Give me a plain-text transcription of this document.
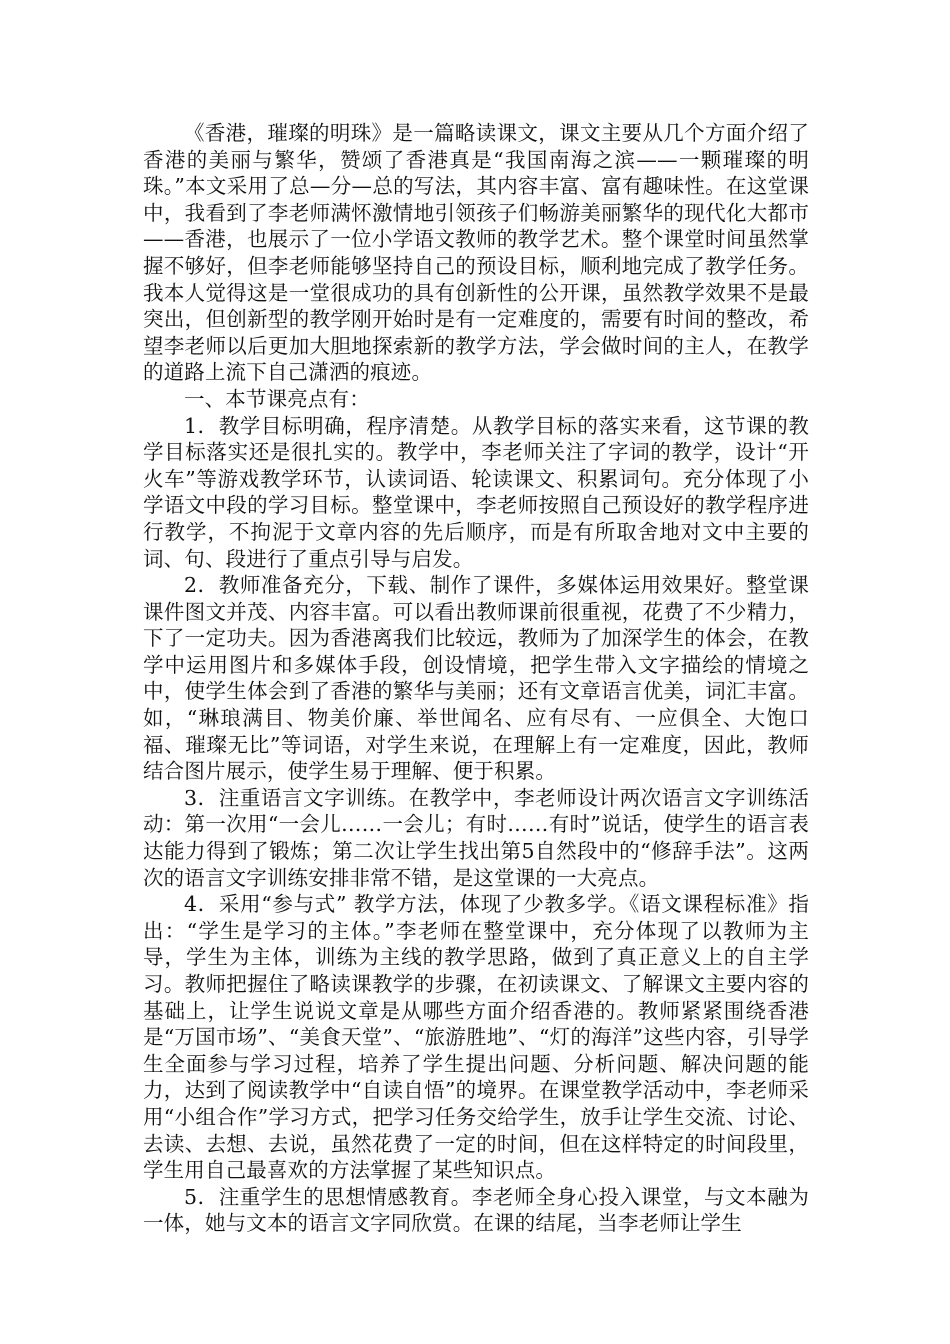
《香港，璀璨的明珠》是一篇略读课文，课文主要从几个方面介绍了香港的美丽与繁华，赞颂了香港真是“我国南海之滨——一颗璀璨的明珠。”本文采用了总—分—总的写法，其内容丰富、富有趣味性。在这堂课中，我看到了李老师满怀激情地引领孩子们畅游美丽繁华的现代化大都市——香港，也展示了一位小学语文教师的教学艺术。整个课堂时间虽然掌握不够好，但李老师能够坚持自己的预设目标，顺利地完成了教学任务。我本人觉得这是一堂很成功的具有创新性的公开课，虽然教学效果不是最突出，但创新型的教学刚开始时是有一定难度的，需要有时间的整改，希望李老师以后更加大胆地探索新的教学方法，学会做时间的主人，在教学的道路上流下自己潇洒的痕迹。

一、本节课亮点有：

1．教学目标明确，程序清楚。从教学目标的落实来看，这节课的教学目标落实还是很扎实的。教学中，李老师关注了字词的教学，设计“开火车”等游戏教学环节，认读词语、轮读课文、积累词句。充分体现了小学语文中段的学习目标。整堂课中，李老师按照自己预设好的教学程序进行教学，不拘泥于文章内容的先后顺序，而是有所取舍地对文中主要的词、句、段进行了重点引导与启发。

2．教师准备充分，下载、制作了课件，多媒体运用效果好。整堂课课件图文并茂、内容丰富。可以看出教师课前很重视，花费了不少精力，下了一定功夫。因为香港离我们比较远，教师为了加深学生的体会，在教学中运用图片和多媒体手段，创设情境，把学生带入文字描绘的情境之中，使学生体会到了香港的繁华与美丽；还有文章语言优美，词汇丰富。如，“琳琅满目、物美价廉、举世闻名、应有尽有、一应俱全、大饱口福、璀璨无比”等词语，对学生来说，在理解上有一定难度，因此，教师结合图片展示，使学生易于理解、便于积累。

3．注重语言文字训练。在教学中，李老师设计两次语言文字训练活动：第一次用“一会儿……一会儿；有时……有时”说话，使学生的语言表达能力得到了锻炼；第二次让学生找出第5自然段中的“修辞手法”。这两次的语言文字训练安排非常不错，是这堂课的一大亮点。

4．采用“参与式” 教学方法，体现了少教多学。《语文课程标准》指出：“学生是学习的主体。”李老师在整堂课中，充分体现了以教师为主导，学生为主体，训练为主线的教学思路，做到了真正意义上的自主学习。教师把握住了略读课教学的步骤，在初读课文、了解课文主要内容的基础上，让学生说说文章是从哪些方面介绍香港的。教师紧紧围绕香港是“万国市场”、“美食天堂”、“旅游胜地”、“灯的海洋”这些内容，引导学生全面参与学习过程，培养了学生提出问题、分析问题、解决问题的能力，达到了阅读教学中“自读自悟”的境界。在课堂教学活动中，李老师采用“小组合作”学习方式，把学习任务交给学生，放手让学生交流、讨论、去读、去想、去说，虽然花费了一定的时间，但在这样特定的时间段里，学生用自己最喜欢的方法掌握了某些知识点。

5．注重学生的思想情感教育。李老师全身心投入课堂，与文本融为一体，她与文本的语言文字同欣赏。在课的结尾，当李老师让学生
